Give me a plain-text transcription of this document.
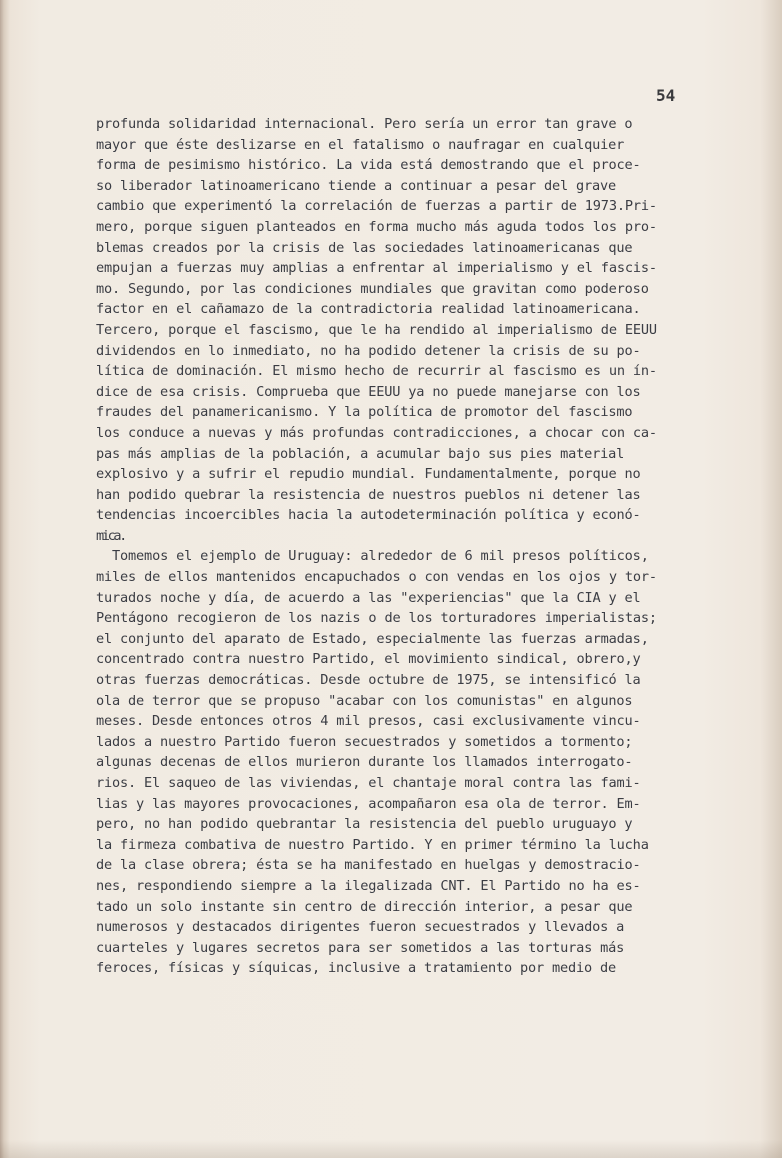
54
profunda solidaridad internacional. Pero sería un error tan grave o
mayor que éste deslizarse en el fatalismo o naufragar en cualquier
forma de pesimismo histórico. La vida está demostrando que el proce-
so liberador latinoamericano tiende a continuar a pesar del grave
cambio que experimentó la correlación de fuerzas a partir de 1973.Pri-
mero, porque siguen planteados en forma mucho más aguda todos los pro-
blemas creados por la crisis de las sociedades latinoamericanas que
empujan a fuerzas muy amplias a enfrentar al imperialismo y el fascis-
mo. Segundo, por las condiciones mundiales que gravitan como poderoso
factor en el cañamazo de la contradictoria realidad latinoamericana.
Tercero, porque el fascismo, que le ha rendido al imperialismo de EEUU
dividendos en lo inmediato, no ha podido detener la crisis de su po-
lítica de dominación. El mismo hecho de recurrir al fascismo es un ín-
dice de esa crisis. Comprueba que EEUU ya no puede manejarse con los
fraudes del panamericanismo. Y la política de promotor del fascismo
los conduce a nuevas y más profundas contradicciones, a chocar con ca-
pas más amplias de la población, a acumular bajo sus pies material
explosivo y a sufrir el repudio mundial. Fundamentalmente, porque no
han podido quebrar la resistencia de nuestros pueblos ni detener las
tendencias incoercibles hacia la autodeterminación política y econó-
mica.
Tomemos el ejemplo de Uruguay: alrededor de 6 mil presos políticos,
miles de ellos mantenidos encapuchados o con vendas en los ojos y tor-
turados noche y día, de acuerdo a las "experiencias" que la CIA y el
Pentágono recogieron de los nazis o de los torturadores imperialistas;
el conjunto del aparato de Estado, especialmente las fuerzas armadas,
concentrado contra nuestro Partido, el movimiento sindical, obrero,y
otras fuerzas democráticas. Desde octubre de 1975, se intensificó la
ola de terror que se propuso "acabar con los comunistas" en algunos
meses. Desde entonces otros 4 mil presos, casi exclusivamente vincu-
lados a nuestro Partido fueron secuestrados y sometidos a tormento;
algunas decenas de ellos murieron durante los llamados interrogato-
rios. El saqueo de las viviendas, el chantaje moral contra las fami-
lias y las mayores provocaciones, acompañaron esa ola de terror. Em-
pero, no han podido quebrantar la resistencia del pueblo uruguayo y
la firmeza combativa de nuestro Partido. Y en primer término la lucha
de la clase obrera; ésta se ha manifestado en huelgas y demostracio-
nes, respondiendo siempre a la ilegalizada CNT. El Partido no ha es-
tado un solo instante sin centro de dirección interior, a pesar que
numerosos y destacados dirigentes fueron secuestrados y llevados a
cuarteles y lugares secretos para ser sometidos a las torturas más
feroces, físicas y síquicas, inclusive a tratamiento por medio de
